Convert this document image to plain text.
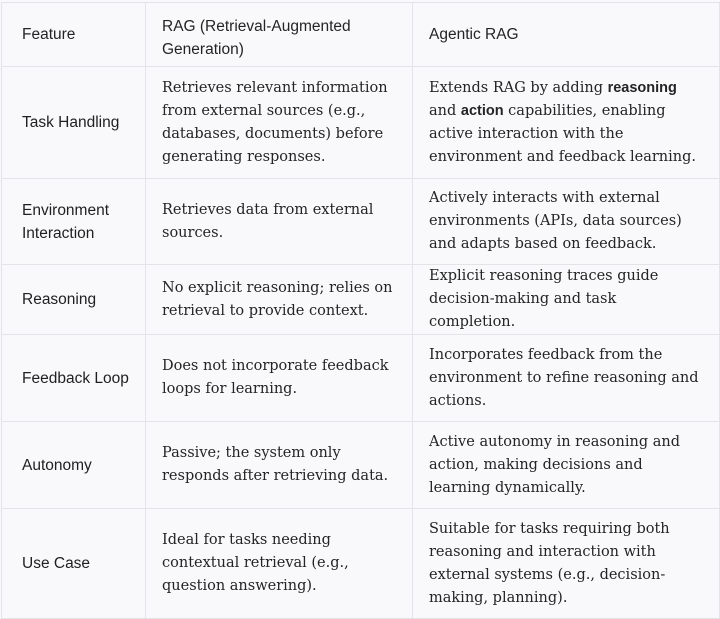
Feature	RAG (Retrieval-Augmented Generation)	Agentic RAG
Task Handling	Retrieves relevant information from external sources (e.g., databases, documents) before generating responses.	Extends RAG by adding reasoning and action capabilities, enabling active interaction with the environment and feedback learning.
Environment Interaction	Retrieves data from external sources.	Actively interacts with external environments (APIs, data sources) and adapts based on feedback.
Reasoning	No explicit reasoning; relies on retrieval to provide context.	Explicit reasoning traces guide decision-making and task completion.
Feedback Loop	Does not incorporate feedback loops for learning.	Incorporates feedback from the environment to refine reasoning and actions.
Autonomy	Passive; the system only responds after retrieving data.	Active autonomy in reasoning and action, making decisions and learning dynamically.
Use Case	Ideal for tasks needing contextual retrieval (e.g., question answering).	Suitable for tasks requiring both reasoning and interaction with external systems (e.g., decision-making, planning).
